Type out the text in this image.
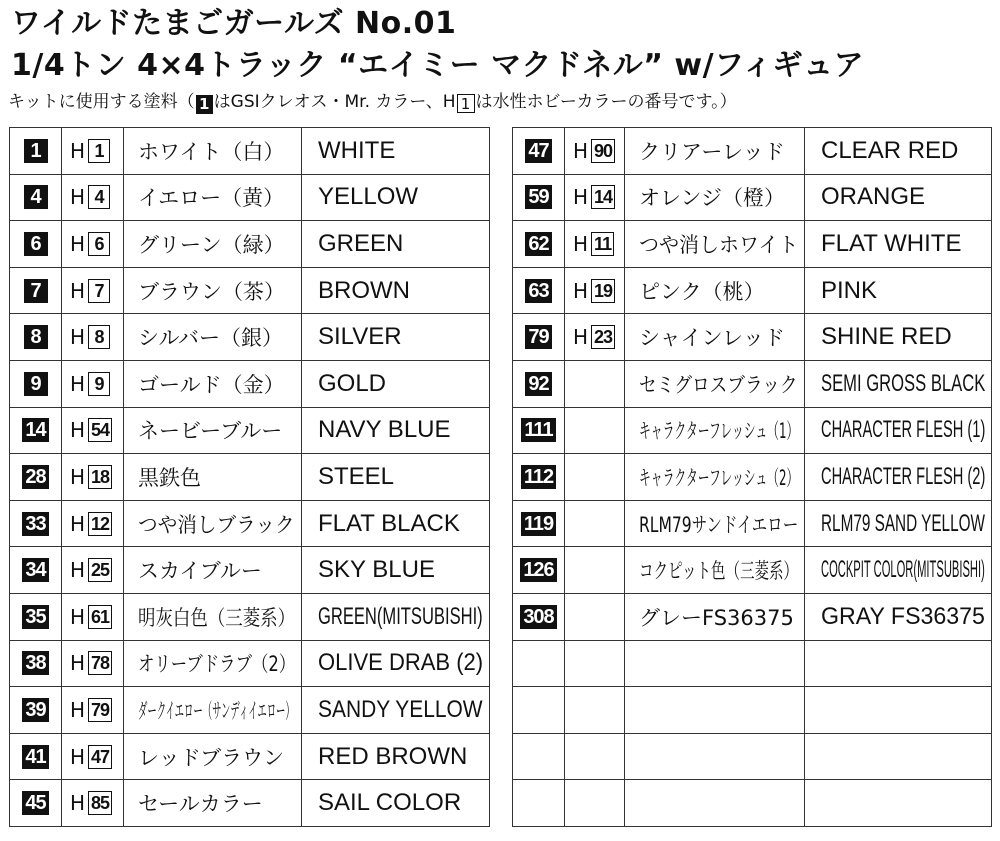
ワイルドたまごガールズ No.01
1/4トン 4×4トラック “エイミー マクドネル” w/フィギュア
キットに使用する塗料（ 1 はGSIクレオス・Mr. カラー、H 1 は水性ホビーカラーの番号です。）
1	H 1	ホワイト（白）	WHITE
4	H 4	イエロー（黄）	YELLOW
6	H 6	グリーン（緑）	GREEN
7	H 7	ブラウン（茶）	BROWN
8	H 8	シルバー（銀）	SILVER
9	H 9	ゴールド（金）	GOLD
14	H 54	ネービーブルー	NAVY BLUE
28	H 18	黒鉄色	STEEL
33	H 12	つや消しブラック	FLAT BLACK
34	H 25	スカイブルー	SKY BLUE
35	H 61	明灰白色（三菱系）	GREEN(MITSUBISHI)
38	H 78	オリーブドラブ（2）	OLIVE DRAB (2)
39	H 79	ダークイエロー（サンディイエロー）	SANDY YELLOW
41	H 47	レッドブラウン	RED BROWN
45	H 85	セールカラー	SAIL COLOR
47	H 90	クリアーレッド	CLEAR RED
59	H 14	オレンジ（橙）	ORANGE
62	H 11	つや消しホワイト	FLAT WHITE
63	H 19	ピンク（桃）	PINK
79	H 23	シャインレッド	SHINE RED
92		セミグロスブラック	SEMI GROSS BLACK
111		キャラクターフレッシュ（1）	CHARACTER FLESH (1)
112		キャラクターフレッシュ（2）	CHARACTER FLESH (2)
119		RLM79サンドイエロー	RLM79 SAND YELLOW
126		コクピット色（三菱系）	COCKPIT COLOR(MITSUBISHI)
308		グレーFS36375	GRAY FS36375
